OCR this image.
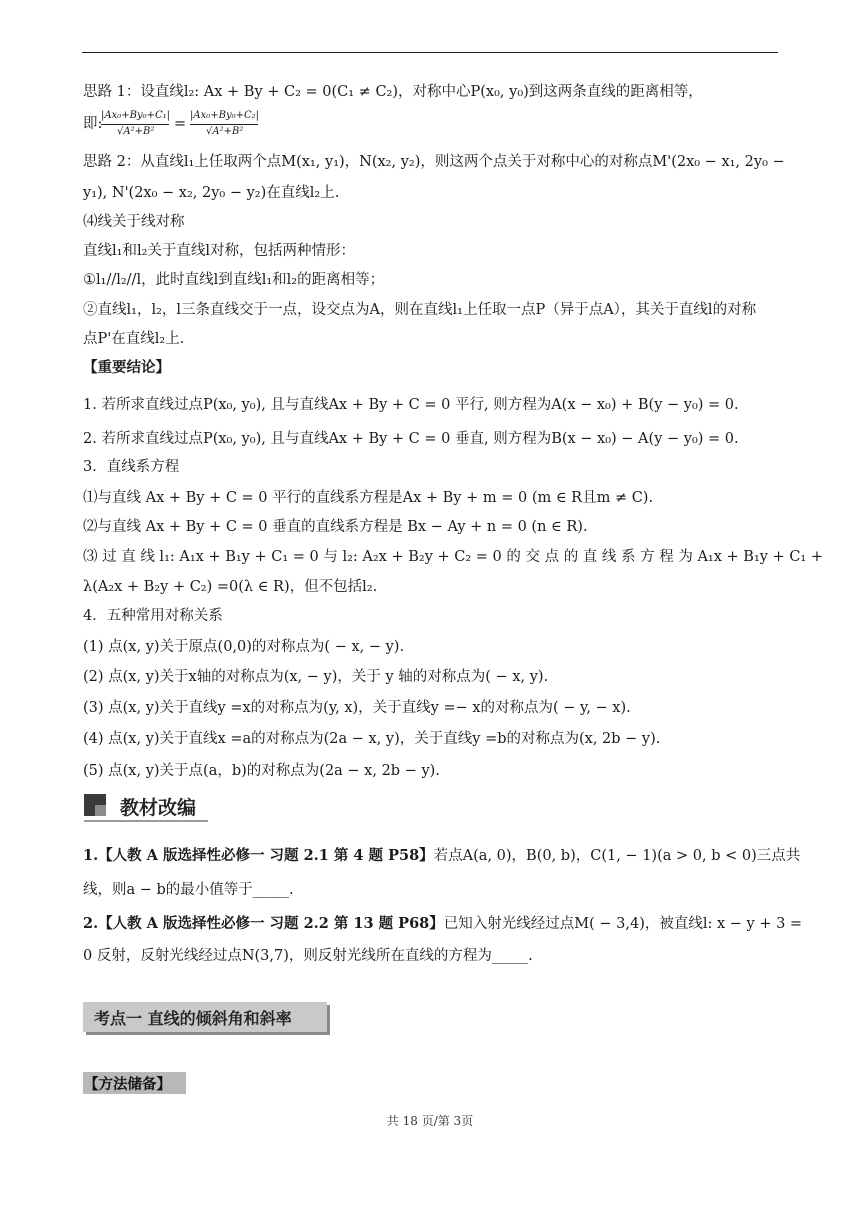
思路 1：设直线l₂: Ax + By + C₂ = 0(C₁ ≠ C₂)，对称中心P(x₀, y₀)到这两条直线的距离相等，
即:
|Ax₀+By₀+C₁|
√A²+B² =
|Ax₀+By₀+C₂|
√A²+B²
思路 2：从直线l₁上任取两个点M(x₁, y₁)，N(x₂, y₂)，则这两个点关于对称中心的对称点M'(2x₀ − x₁, 2y₀ −
y₁), N'(2x₀ − x₂, 2y₀ − y₂)在直线l₂上.
⑷线关于线对称
直线l₁和l₂关于直线l对称，包括两种情形：
①l₁//l₂//l，此时直线l到直线l₁和l₂的距离相等；
②直线l₁，l₂，l三条直线交于一点，设交点为A，则在直线l₁上任取一点P（异于点A），其关于直线l的对称
点P'在直线l₂上.
【重要结论】
1. 若所求直线过点P(x₀, y₀), 且与直线Ax + By + C = 0 平行, 则方程为A(x − x₀) + B(y − y₀) = 0.
2. 若所求直线过点P(x₀, y₀), 且与直线Ax + By + C = 0 垂直, 则方程为B(x − x₀) − A(y − y₀) = 0.
3．直线系方程
⑴与直线 Ax + By + C = 0 平行的直线系方程是Ax + By + m = 0 (m ∈ R且m ≠ C).
⑵与直线 Ax + By + C = 0 垂直的直线系方程是 Bx − Ay + n = 0 (n ∈ R).
⑶ 过 直 线 l₁: A₁x + B₁y + C₁ = 0 与 l₂: A₂x + B₂y + C₂ = 0 的 交 点 的 直 线 系 方 程 为 A₁x + B₁y + C₁ +
λ(A₂x + B₂y + C₂) =0(λ ∈ R)，但不包括l₂.
4．五种常用对称关系
(1) 点(x, y)关于原点(0,0)的对称点为( − x, − y).
(2) 点(x, y)关于x轴的对称点为(x, − y)，关于 y 轴的对称点为( − x, y).
(3) 点(x, y)关于直线y =x的对称点为(y, x)，关于直线y =− x的对称点为( − y, − x).
(4) 点(x, y)关于直线x =a的对称点为(2a − x, y)，关于直线y =b的对称点为(x, 2b − y).
(5) 点(x, y)关于点(a，b)的对称点为(2a − x, 2b − y).
教材改编
1.【人教 A 版选择性必修一 习题 2.1 第 4 题 P58】若点A(a, 0)，B(0, b)，C(1, − 1)(a > 0, b < 0)三点共
线，则a − b的最小值等于_____.
2.【人教 A 版选择性必修一 习题 2.2 第 13 题 P68】已知入射光线经过点M( − 3,4)，被直线l: x − y + 3 =
0 反射，反射光线经过点N(3,7)，则反射光线所在直线的方程为_____.
考点一 直线的倾斜角和斜率
【方法储备】
共 18 页/第 3页
